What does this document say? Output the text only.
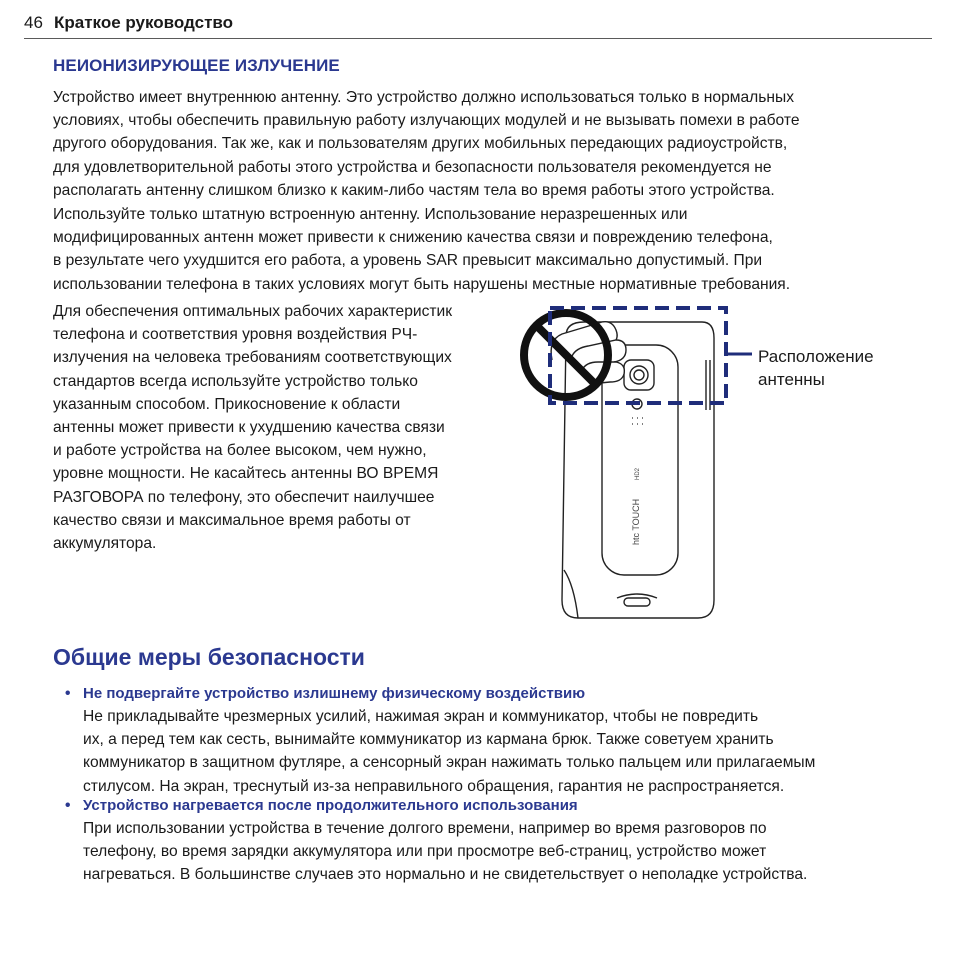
46 Краткое руководство
НЕИОНИЗИРУЮЩЕЕ ИЗЛУЧЕНИЕ

Устройство имеет внутреннюю антенну. Это устройство должно использоваться только в нормальных
условиях, чтобы обеспечить правильную работу излучающих модулей и не вызывать помехи в работе
другого оборудования. Так же, как и пользователям других мобильных передающих радиоустройств,
для удовлетворительной работы этого устройства и безопасности пользователя рекомендуется не
располагать антенну слишком близко к каким-либо частям тела во время работы этого устройства.

Используйте только штатную встроенную антенну. Использование неразрешенных или
модифицированных антенн может привести к снижению качества связи и повреждению телефона,
в результате чего ухудшится его работа, а уровень SAR превысит максимально допустимый. При
использовании телефона в таких условиях могут быть нарушены местные нормативные требования.

Для обеспечения оптимальных рабочих характеристик
телефона и соответствия уровня воздействия РЧ-
излучения на человека требованиям соответствующих
стандартов всегда используйте устройство только
указанным способом. Прикосновение к области
антенны может привести к ухудшению качества связи
и работе устройства на более высоком, чем нужно,
уровне мощности. Не касайтесь антенны ВО ВРЕМЯ
РАЗГОВОРА по телефону, это обеспечит наилучшее
качество связи и максимальное время работы от
аккумулятора.	htc TOUCH
HD2
Расположение
антенны
Общие меры безопасности
• Не подвергайте устройство излишнему физическому воздействию

Не прикладывайте чрезмерных усилий, нажимая экран и коммуникатор, чтобы не повредить
их, а перед тем как сесть, вынимайте коммуникатор из кармана брюк. Также советуем хранить
коммуникатор в защитном футляре, а сенсорный экран нажимать только пальцем или прилагаемым
стилусом. На экран, треснутый из-за неправильного обращения, гарантия не распространяется.

• Устройство нагревается после продолжительного использования

При использовании устройства в течение долгого времени, например во время разговоров по
телефону, во время зарядки аккумулятора или при просмотре веб-страниц, устройство может
нагреваться. В большинстве случаев это нормально и не свидетельствует о неполадке устройства.
